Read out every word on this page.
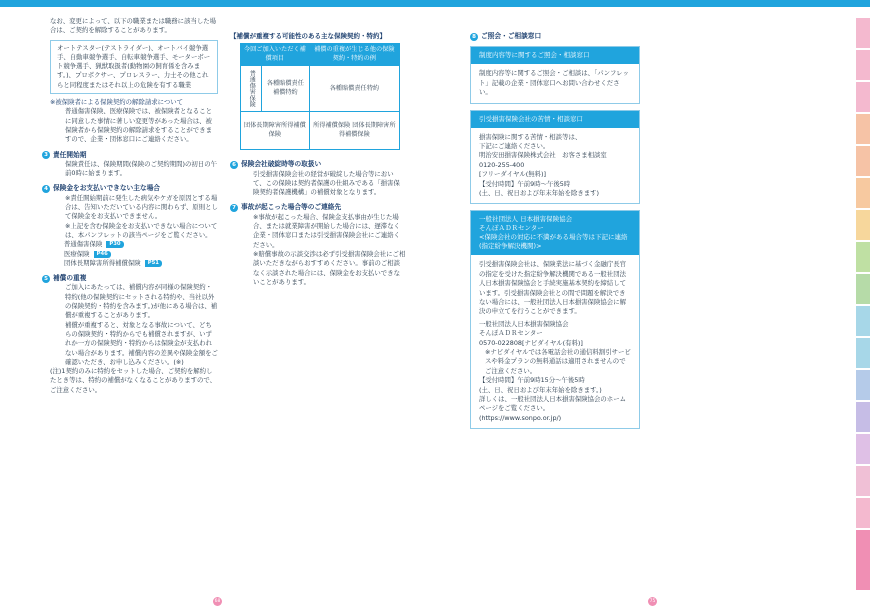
なお、変更によって、以下の職業または職務に該当した場合は、ご契約を解除することがあります。
オートテスター(テストライダー)、オートバイ競争選手、自動車競争選手、自転車競争選手、モーターボート競争選手、猟獣取扱者(動物園の飼育係を含みます。)、プロボクサー、プロレスラー、力士その他これらと同程度またはそれ以上の危険を有する職業
※被保険者による保険契約の解除請求について
普通傷害保険、医療保険では、被保険者となることに同意した事情に著しい変更等があった場合は、被保険者から保険契約の解除請求をすることができますので、企業・団体窓口にご連絡ください。
3 責任開始期
保険責任は、保険期間(保険のご契約期間)の初日の午前0時に始まります。
4 保険金をお支払いできない主な場合
※責任開始期前に発生した病気やケガを原因とする場合は、告知いただいている内容に関わらず、原則として保険金をお支払いできません。
※上記を含む保険金をお支払いできない場合については、本パンフレットの該当ページをご覧ください。
普通傷害保険	P30
医療保険	P46
団体長期障害所得補償保険	P51
5 補償の重複
ご加入にあたっては、補償内容が同様の保険契約・特約(他の保険契約にセットされる特約や、当社以外の保険契約・特約を含みます。)が他にある場合は、補償が重複することがあります。
補償が重複すると、対象となる事故について、どちらの保険契約・特約からでも補償されますが、いずれか一方の保険契約・特約からは保険金が支払われない場合があります。補償内容の差異や保険金額をご確認いただき、お申し込みください。(※)
(注)1契約のみに特約をセットした場合、ご契約を解約したとき等は、特約の補償がなくなることがありますので、ご注意ください。
【補償が重複する可能性のある主な保険契約・特約】
今回ご加入いただく補償項目		補償の重複が生じる他の保険契約・特約の例
普通傷害保険	各種賠償責任補償特約	各種賠償責任特約
団体長期障害所得補償保険		所得補償保険 団体長期障害所得補償保険
6 保険会社破綻時等の取扱い
引受損害保険会社の経営が破綻した場合等において、この保険は契約者保護の仕組みである「損害保険契約者保護機構」の補償対象となります。
7 事故が起こった場合等のご連絡先
※事故が起こった場合、保険金支払事由が生じた場合、または就業障害が開始した場合には、遅滞なく企業・団体窓口または引受損害保険会社にご連絡ください。
※賠償事故の示談交渉は必ず引受損害保険会社にご相談いただきながらおすすめください。事前のご相談なく示談された場合には、保険金をお支払いできないことがあります。
8 ご照会・ご相談窓口
制度内容等に関するご照会・相談窓口
制度内容等に関するご照会・ご相談は、「パンフレット」記載の企業・団体窓口へお問い合わせください。
引受損害保険会社の苦情・相談窓口
損害保険に関する苦情・相談等は、
下記にご連絡ください。
明治安田損害保険株式会社　お客さま相談室
0120-255-400
[フリーダイヤル(無料)]
【受付時間】午前9時〜午後5時
(土、日、祝日および年末年始を除きます)
一般社団法人 日本損害保険協会
そんぽＡＤＲセンター
<保険会社の対応に不満がある場合等は下記に連絡(指定紛争解決機関)>
引受損害保険会社は、保険業法に基づく金融庁長官の指定を受けた指定紛争解決機関である一般社団法人日本損害保険協会と手続実施基本契約を締結しています。引受損害保険会社との間で問題を解決できない場合には、一般社団法人日本損害保険協会に解決の申立てを行うことができます。
一般社団法人日本損害保険協会
そんぽＡＤＲセンター
0570-022808[ナビダイヤル(有料)]
※ナビダイヤルでは各電話会社の通信料割引サービスや料金プランの無料通話は適用されませんのでご注意ください。
【受付時間】午前9時15分〜午後5時
(土、日、祝日および年末年始を除きます。)
詳しくは、一般社団法人日本損害保険協会のホームページをご覧ください。
(https://www.sonpo.or.jp/)
68	75
